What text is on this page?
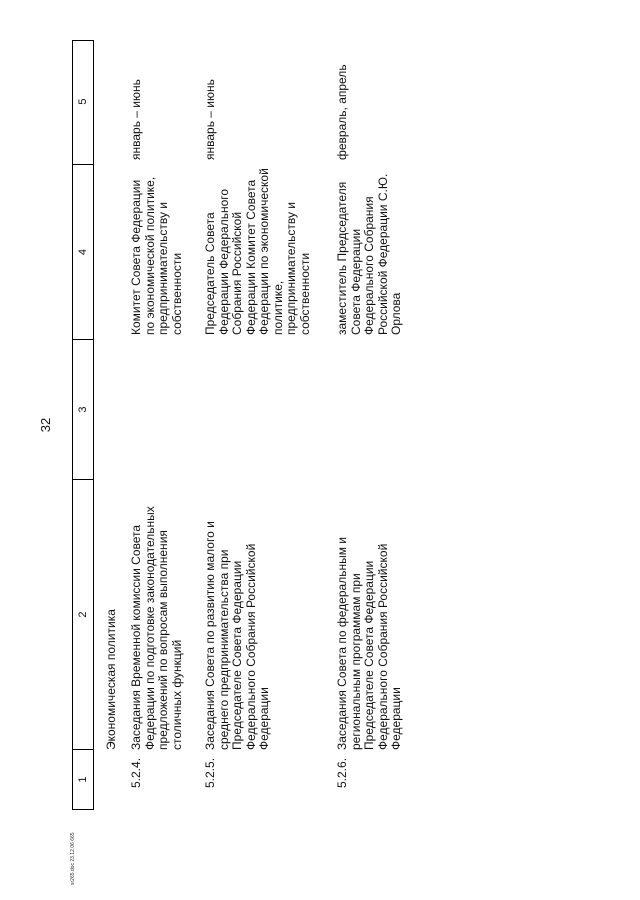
32
1
2
3
4
5
Экономическая политика
5.2.4.
Заседания Временной комиссии Совета Федерации по подготовке законодательных предложений по вопросам выполнения столичных функций
Комитет Совета Федерации по экономической политике, предпринимательству и собственности
январь – июнь
5.2.5.
Заседания Совета по развитию малого и среднего предпринимательства при Председателе Совета Федерации Федерального Собрания Российской Федерации
Председатель Совета Федерации Федерального Собрания Российской Федерации Комитет Совета Федерации по экономической политике, предпринимательству и собственности
январь – июнь
5.2.6.
Заседания Совета по федеральным и региональным программам при Председателе Совета Федерации Федерального Собрания Российской Федерации
заместитель Председателя Совета Федерации Федерального Собрания Российской Федерации С.Ю. Орлова
февраль, апрель
sr265.doc 23.12.06 665
